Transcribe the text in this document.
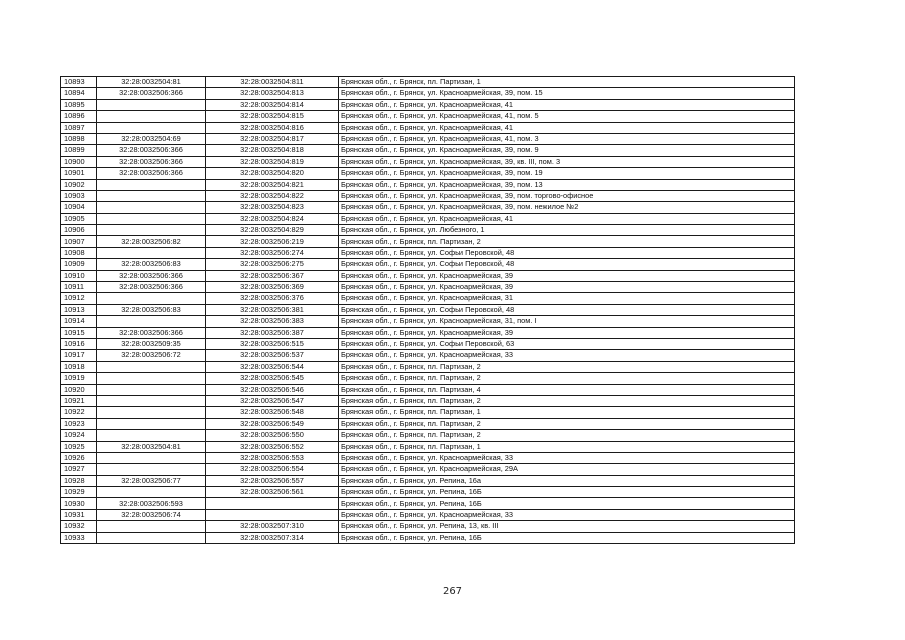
10893	32:28:0032504:81	32:28:0032504:811	Брянская обл., г. Брянск, пл. Партизан, 1
10894	32:28:0032506:366	32:28:0032504:813	Брянская обл., г. Брянск, ул. Красноармейская, 39, пом. 15
10895		32:28:0032504:814	Брянская обл., г. Брянск, ул. Красноармейская, 41
10896		32:28:0032504:815	Брянская обл., г. Брянск, ул. Красноармейская, 41, пом. 5
10897		32:28:0032504:816	Брянская обл., г. Брянск, ул. Красноармейская, 41
10898	32:28:0032504:69	32:28:0032504:817	Брянская обл., г. Брянск, ул. Красноармейская, 41, пом. 3
10899	32:28:0032506:366	32:28:0032504:818	Брянская обл., г. Брянск, ул. Красноармейская, 39, пом. 9
10900	32:28:0032506:366	32:28:0032504:819	Брянская обл., г. Брянск, ул. Красноармейская, 39, кв. III, пом. 3
10901	32:28:0032506:366	32:28:0032504:820	Брянская обл., г. Брянск, ул. Красноармейская, 39, пом. 19
10902		32:28:0032504:821	Брянская обл., г. Брянск, ул. Красноармейская, 39, пом. 13
10903		32:28:0032504:822	Брянская обл., г. Брянск, ул. Красноармейская, 39, пом. торгово-офисное
10904		32:28:0032504:823	Брянская обл., г. Брянск, ул. Красноармейская, 39, пом. нежилое №2
10905		32:28:0032504:824	Брянская обл., г. Брянск, ул. Красноармейская, 41
10906		32:28:0032504:829	Брянская обл., г. Брянск, ул. Любезного, 1
10907	32:28:0032506:82	32:28:0032506:219	Брянская обл., г. Брянск, пл. Партизан, 2
10908		32:28:0032506:274	Брянская обл., г. Брянск, ул. Софьи Перовской, 48
10909	32:28:0032506:83	32:28:0032506:275	Брянская обл., г. Брянск, ул. Софьи Перовской, 48
10910	32:28:0032506:366	32:28:0032506:367	Брянская обл., г. Брянск, ул. Красноармейская, 39
10911	32:28:0032506:366	32:28:0032506:369	Брянская обл., г. Брянск, ул. Красноармейская, 39
10912		32:28:0032506:376	Брянская обл., г. Брянск, ул. Красноармейская, 31
10913	32:28:0032506:83	32:28:0032506:381	Брянская обл., г. Брянск, ул. Софьи Перовской, 48
10914		32:28:0032506:383	Брянская обл., г. Брянск, ул. Красноармейская, 31, пом. I
10915	32:28:0032506:366	32:28:0032506:387	Брянская обл., г. Брянск, ул. Красноармейская, 39
10916	32:28:0032509:35	32:28:0032506:515	Брянская обл., г. Брянск, ул. Софьи Перовской, 63
10917	32:28:0032506:72	32:28:0032506:537	Брянская обл., г. Брянск, ул. Красноармейская, 33
10918		32:28:0032506:544	Брянская обл., г. Брянск, пл. Партизан, 2
10919		32:28:0032506:545	Брянская обл., г. Брянск, пл. Партизан, 2
10920		32:28:0032506:546	Брянская обл., г. Брянск, пл. Партизан, 4
10921		32:28:0032506:547	Брянская обл., г. Брянск, пл. Партизан, 2
10922		32:28:0032506:548	Брянская обл., г. Брянск, пл. Партизан, 1
10923		32:28:0032506:549	Брянская обл., г. Брянск, пл. Партизан, 2
10924		32:28:0032506:550	Брянская обл., г. Брянск, пл. Партизан, 2
10925	32:28:0032504:81	32:28:0032506:552	Брянская обл., г. Брянск, пл. Партизан, 1
10926		32:28:0032506:553	Брянская обл., г. Брянск, ул. Красноармейская, 33
10927		32:28:0032506:554	Брянская обл., г. Брянск, ул. Красноармейская, 29А
10928	32:28:0032506:77	32:28:0032506:557	Брянская обл., г. Брянск, ул. Репина, 16а
10929		32:28:0032506:561	Брянская обл., г. Брянск, ул. Репина, 16Б
10930	32:28:0032506:593		Брянская обл., г. Брянск, ул. Репина, 16Б
10931	32:28:0032506:74		Брянская обл., г. Брянск, ул. Красноармейская, 33
10932		32:28:0032507:310	Брянская обл., г. Брянск, ул. Репина, 13, кв. III
10933		32:28:0032507:314	Брянская обл., г. Брянск, ул. Репина, 16Б
267
